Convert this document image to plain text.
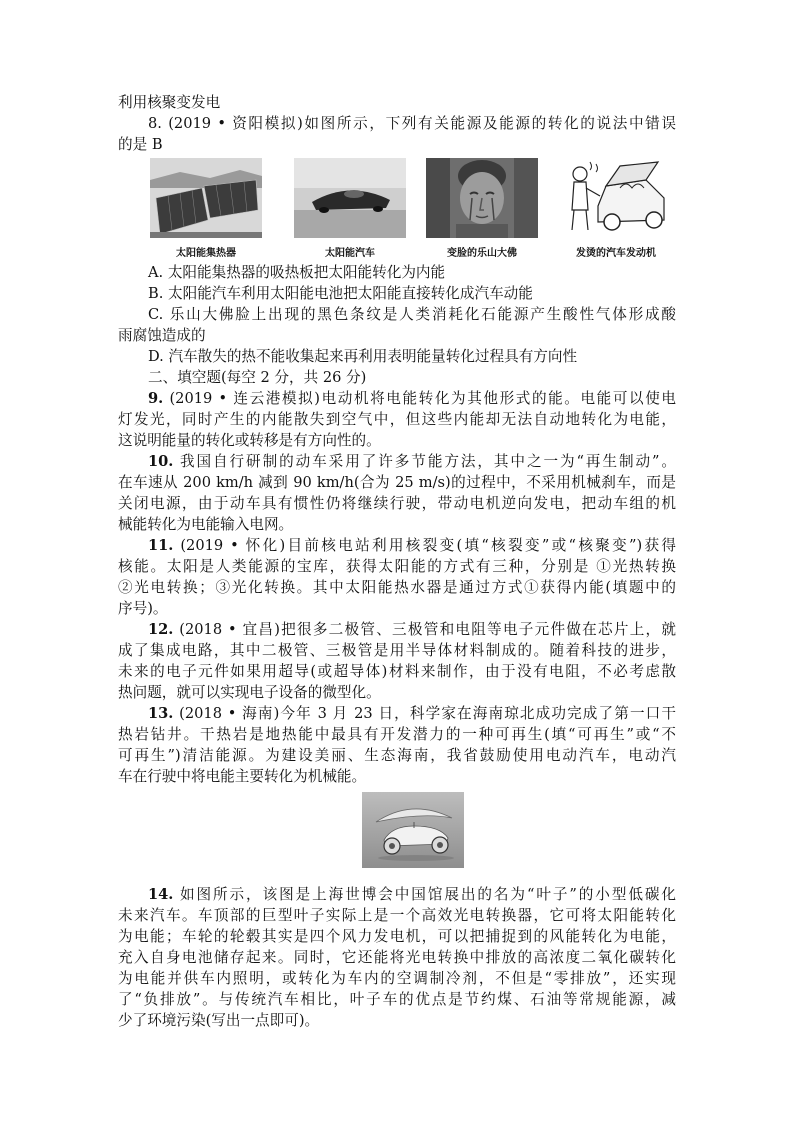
利用核聚变发电
8. (2019 • 资阳模拟)如图所示，下列有关能源及能源的转化的说法中错误
的是 B
太阳能集热器	太阳能汽车	变脸的乐山大佛	发烫的汽车发动机
A. 太阳能集热器的吸热板把太阳能转化为内能
B. 太阳能汽车利用太阳能电池把太阳能直接转化成汽车动能
C. 乐山大佛脸上出现的黑色条纹是人类消耗化石能源产生酸性气体形成酸
雨腐蚀造成的
D. 汽车散失的热不能收集起来再利用表明能量转化过程具有方向性
二、填空题(每空 2 分，共 26 分)
9. (2019 • 连云港模拟)电动机将电能转化为其他形式的能。电能可以使电
灯发光，同时产生的内能散失到空气中，但这些内能却无法自动地转化为电能，
这说明能量的转化或转移是有方向性的。
10. 我国自行研制的动车采用了许多节能方法，其中之一为“再生制动”。
在车速从 200 km/h 减到 90 km/h(合为 25 m/s)的过程中，不采用机械刹车，而是
关闭电源，由于动车具有惯性仍将继续行驶，带动电机逆向发电，把动车组的机
械能转化为电能输入电网。
11. (2019 • 怀化)目前核电站利用核裂变(填“核裂变”或“核聚变”)获得
核能。太阳是人类能源的宝库，获得太阳能的方式有三种，分别是 ①光热转换
②光电转换；③光化转换。其中太阳能热水器是通过方式①获得内能(填题中的
序号)。
12. (2018 • 宜昌)把很多二极管、三极管和电阻等电子元件做在芯片上，就
成了集成电路，其中二极管、三极管是用半导体材料制成的。随着科技的进步，
未来的电子元件如果用超导(或超导体)材料来制作，由于没有电阻，不必考虑散
热问题，就可以实现电子设备的微型化。
13. (2018 • 海南)今年 3 月 23 日，科学家在海南琼北成功完成了第一口干
热岩钻井。干热岩是地热能中最具有开发潜力的一种可再生(填“可再生”或“不
可再生”)清洁能源。为建设美丽、生态海南，我省鼓励使用电动汽车，电动汽
车在行驶中将电能主要转化为机械能。
14. 如图所示，该图是上海世博会中国馆展出的名为“叶子”的小型低碳化
未来汽车。车顶部的巨型叶子实际上是一个高效光电转换器，它可将太阳能转化
为电能；车轮的轮毂其实是四个风力发电机，可以把捕捉到的风能转化为电能，
充入自身电池储存起来。同时，它还能将光电转换中排放的高浓度二氧化碳转化
为电能并供车内照明，或转化为车内的空调制冷剂，不但是“零排放”，还实现
了“负排放”。与传统汽车相比，叶子车的优点是节约煤、石油等常规能源，减
少了环境污染(写出一点即可)。
